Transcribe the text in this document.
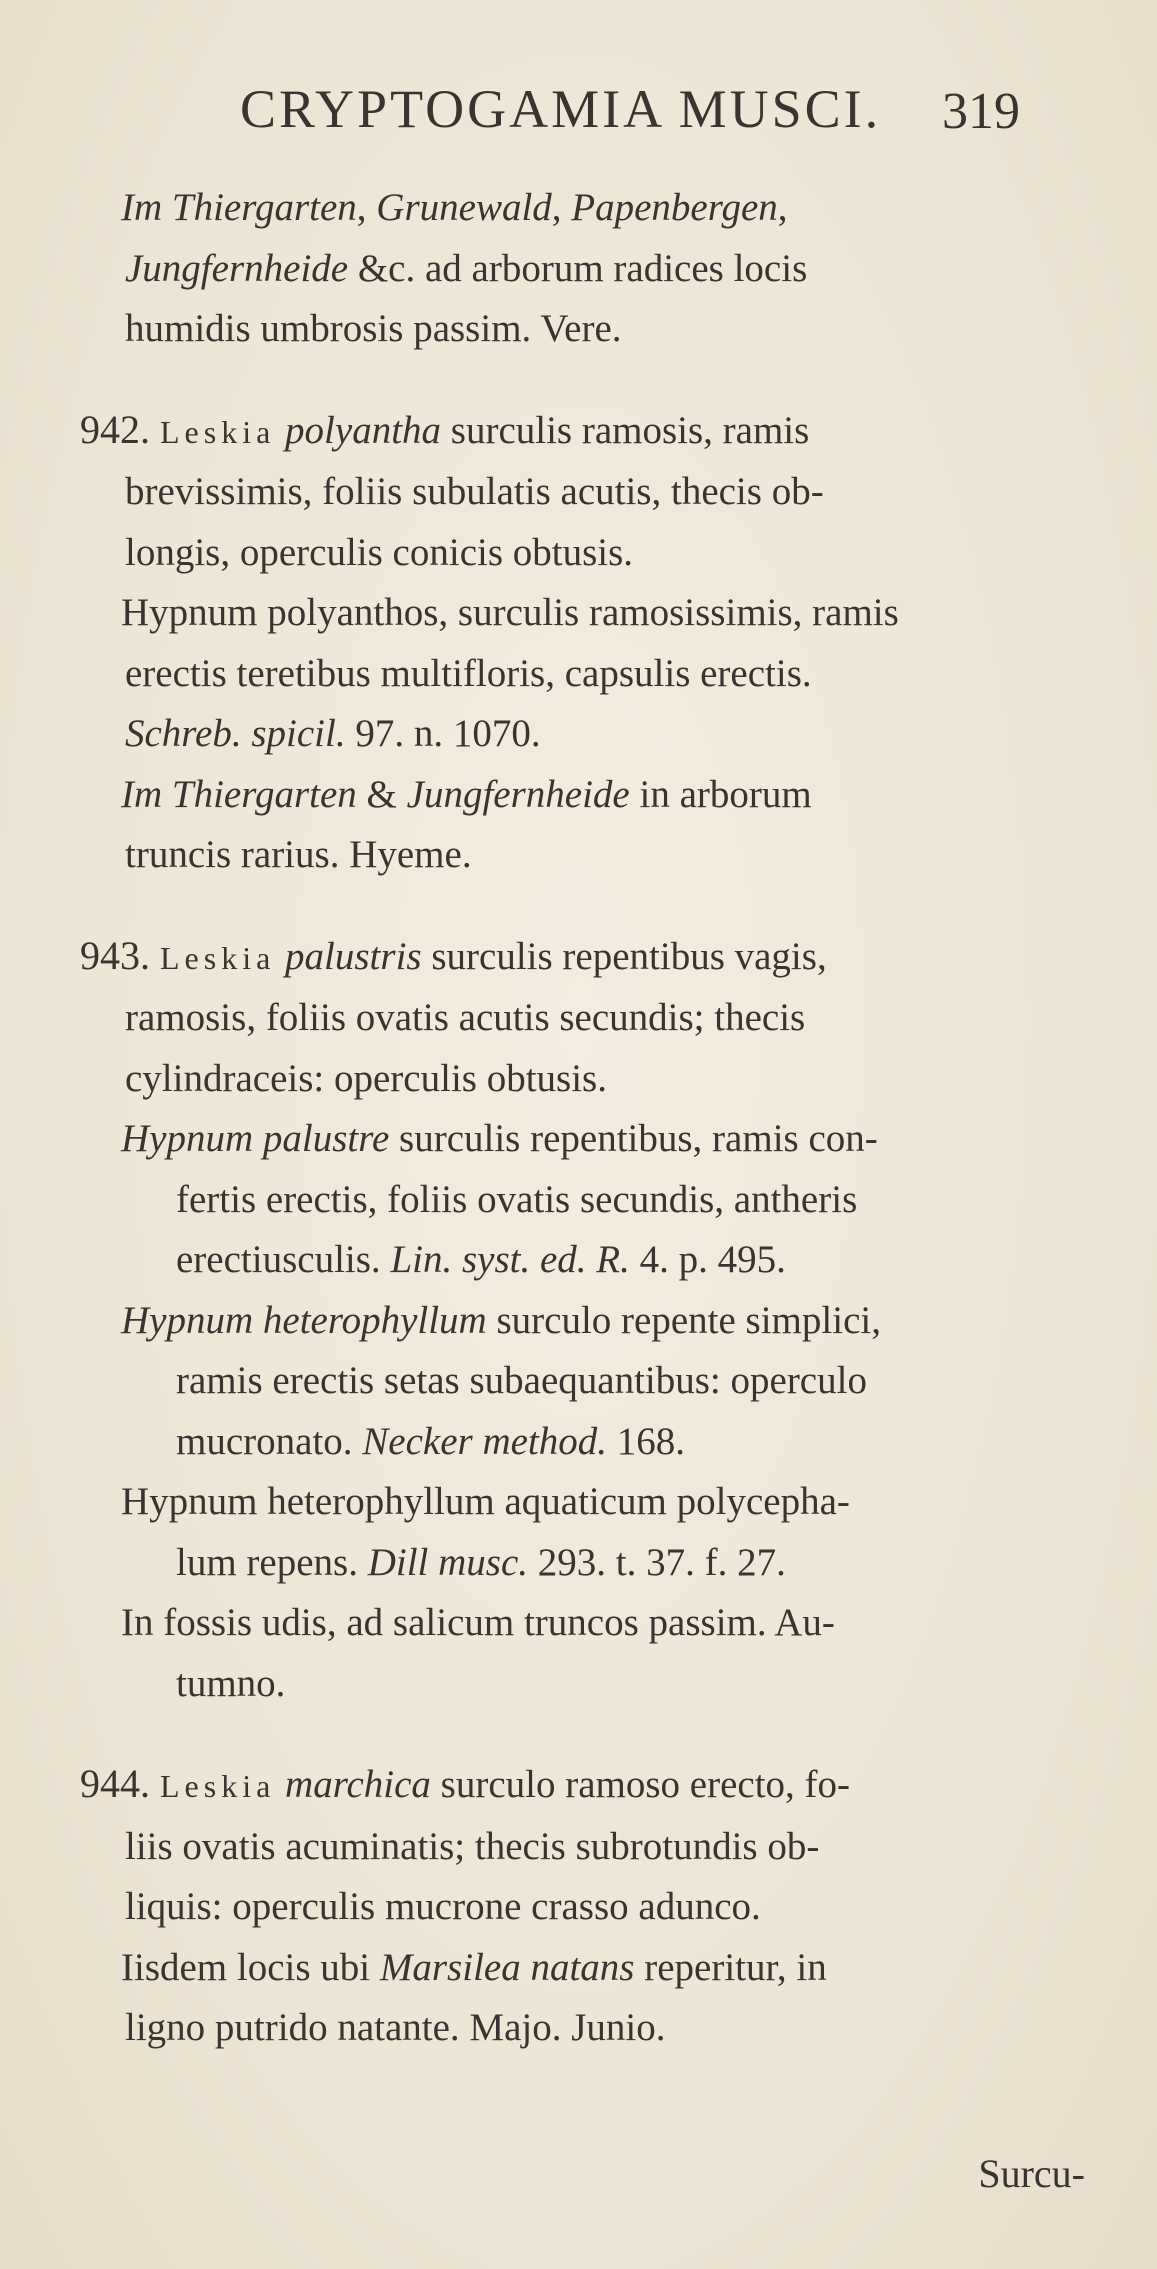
CRYPTOGAMIA MUSCI. 319
Im Thiergarten, Grunewald, Papenbergen,
Jungfernheide &c. ad arborum radices locis
humidis umbrosis passim. Vere.
942. Leskia polyantha surculis ramosis, ramis
brevissimis, foliis subulatis acutis, thecis ob-
longis, operculis conicis obtusis.
Hypnum polyanthos, surculis ramosissimis, ramis
erectis teretibus multifloris, capsulis erectis.
Schreb. spicil. 97. n. 1070.
Im Thiergarten & Jungfernheide in arborum
truncis rarius. Hyeme.
943. Leskia palustris surculis repentibus vagis,
ramosis, foliis ovatis acutis secundis; thecis
cylindraceis: operculis obtusis.
Hypnum palustre surculis repentibus, ramis con-
fertis erectis, foliis ovatis secundis, antheris
erectiusculis. Lin. syst. ed. R. 4. p. 495.
Hypnum heterophyllum surculo repente simplici,
ramis erectis setas subaequantibus: operculo
mucronato. Necker method. 168.
Hypnum heterophyllum aquaticum polycepha-
lum repens. Dill musc. 293. t. 37. f. 27.
In fossis udis, ad salicum truncos passim. Au-
tumno.
944. Leskia marchica surculo ramoso erecto, fo-
liis ovatis acuminatis; thecis subrotundis ob-
liquis: operculis mucrone crasso adunco.
Iisdem locis ubi Marsilea natans reperitur, in
ligno putrido natante. Majo. Junio.
Surcu-
